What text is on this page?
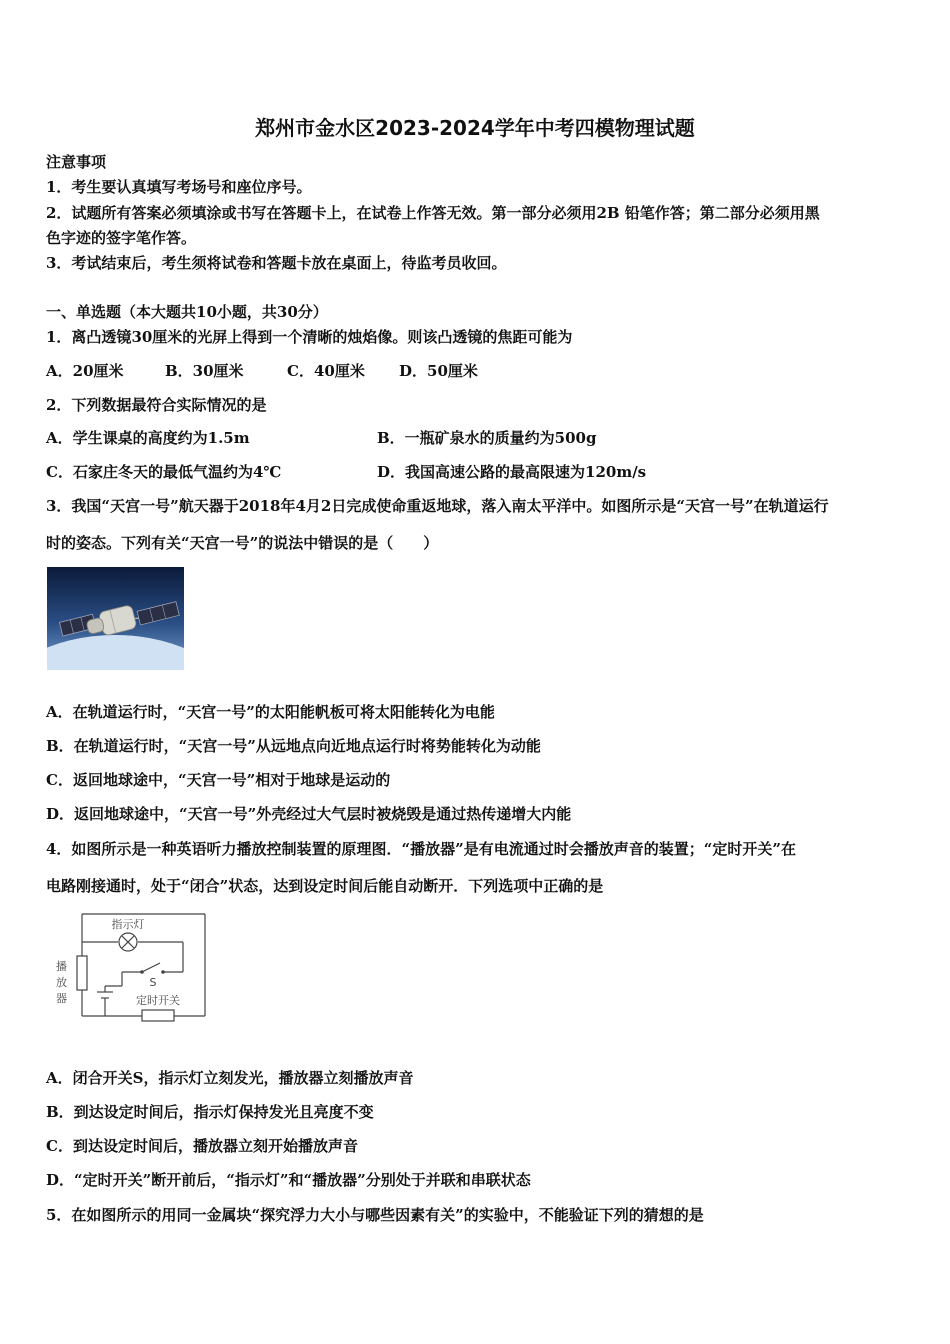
郑州市金水区2023-2024学年中考四模物理试题
注意事项
1．考生要认真填写考场号和座位序号。
2．试题所有答案必须填涂或书写在答题卡上，在试卷上作答无效。第一部分必须用2B 铅笔作答；第二部分必须用黑
色字迹的签字笔作答。
3．考试结束后，考生须将试卷和答题卡放在桌面上，待监考员收回。
一、单选题（本大题共10小题，共30分）
1．离凸透镜30厘米的光屏上得到一个清晰的烛焰像。则该凸透镜的焦距可能为
A．20厘米	B．30厘米	C．40厘米 D．50厘米
2．下列数据最符合实际情况的是
A．学生课桌的高度约为1.5m	B．一瓶矿泉水的质量约为500g
C．石家庄冬天的最低气温约为4℃	D．我国高速公路的最高限速为120m/s
3．我国“天宫一号”航天器于2018年4月2日完成使命重返地球，落入南太平洋中。如图所示是“天宫一号”在轨道运行
时的姿态。下列有关“天宫一号”的说法中错误的是（　　）
A．在轨道运行时，“天宫一号”的太阳能帆板可将太阳能转化为电能
B．在轨道运行时，“天宫一号”从远地点向近地点运行时将势能转化为动能
C．返回地球途中，“天宫一号”相对于地球是运动的
D．返回地球途中，“天宫一号”外壳经过大气层时被烧毁是通过热传递增大内能
4．如图所示是一种英语听力播放控制装置的原理图．“播放器”是有电流通过时会播放声音的装置；“定时开关”在
电路刚接通时，处于“闭合”状态，达到设定时间后能自动断开．下列选项中正确的是
指示灯
S
定时开关
播 放 器
A．闭合开关S，指示灯立刻发光，播放器立刻播放声音
B．到达设定时间后，指示灯保持发光且亮度不变
C．到达设定时间后，播放器立刻开始播放声音
D．“定时开关”断开前后，“指示灯”和“播放器”分别处于并联和串联状态
5．在如图所示的用同一金属块“探究浮力大小与哪些因素有关”的实验中，不能验证下列的猜想的是
